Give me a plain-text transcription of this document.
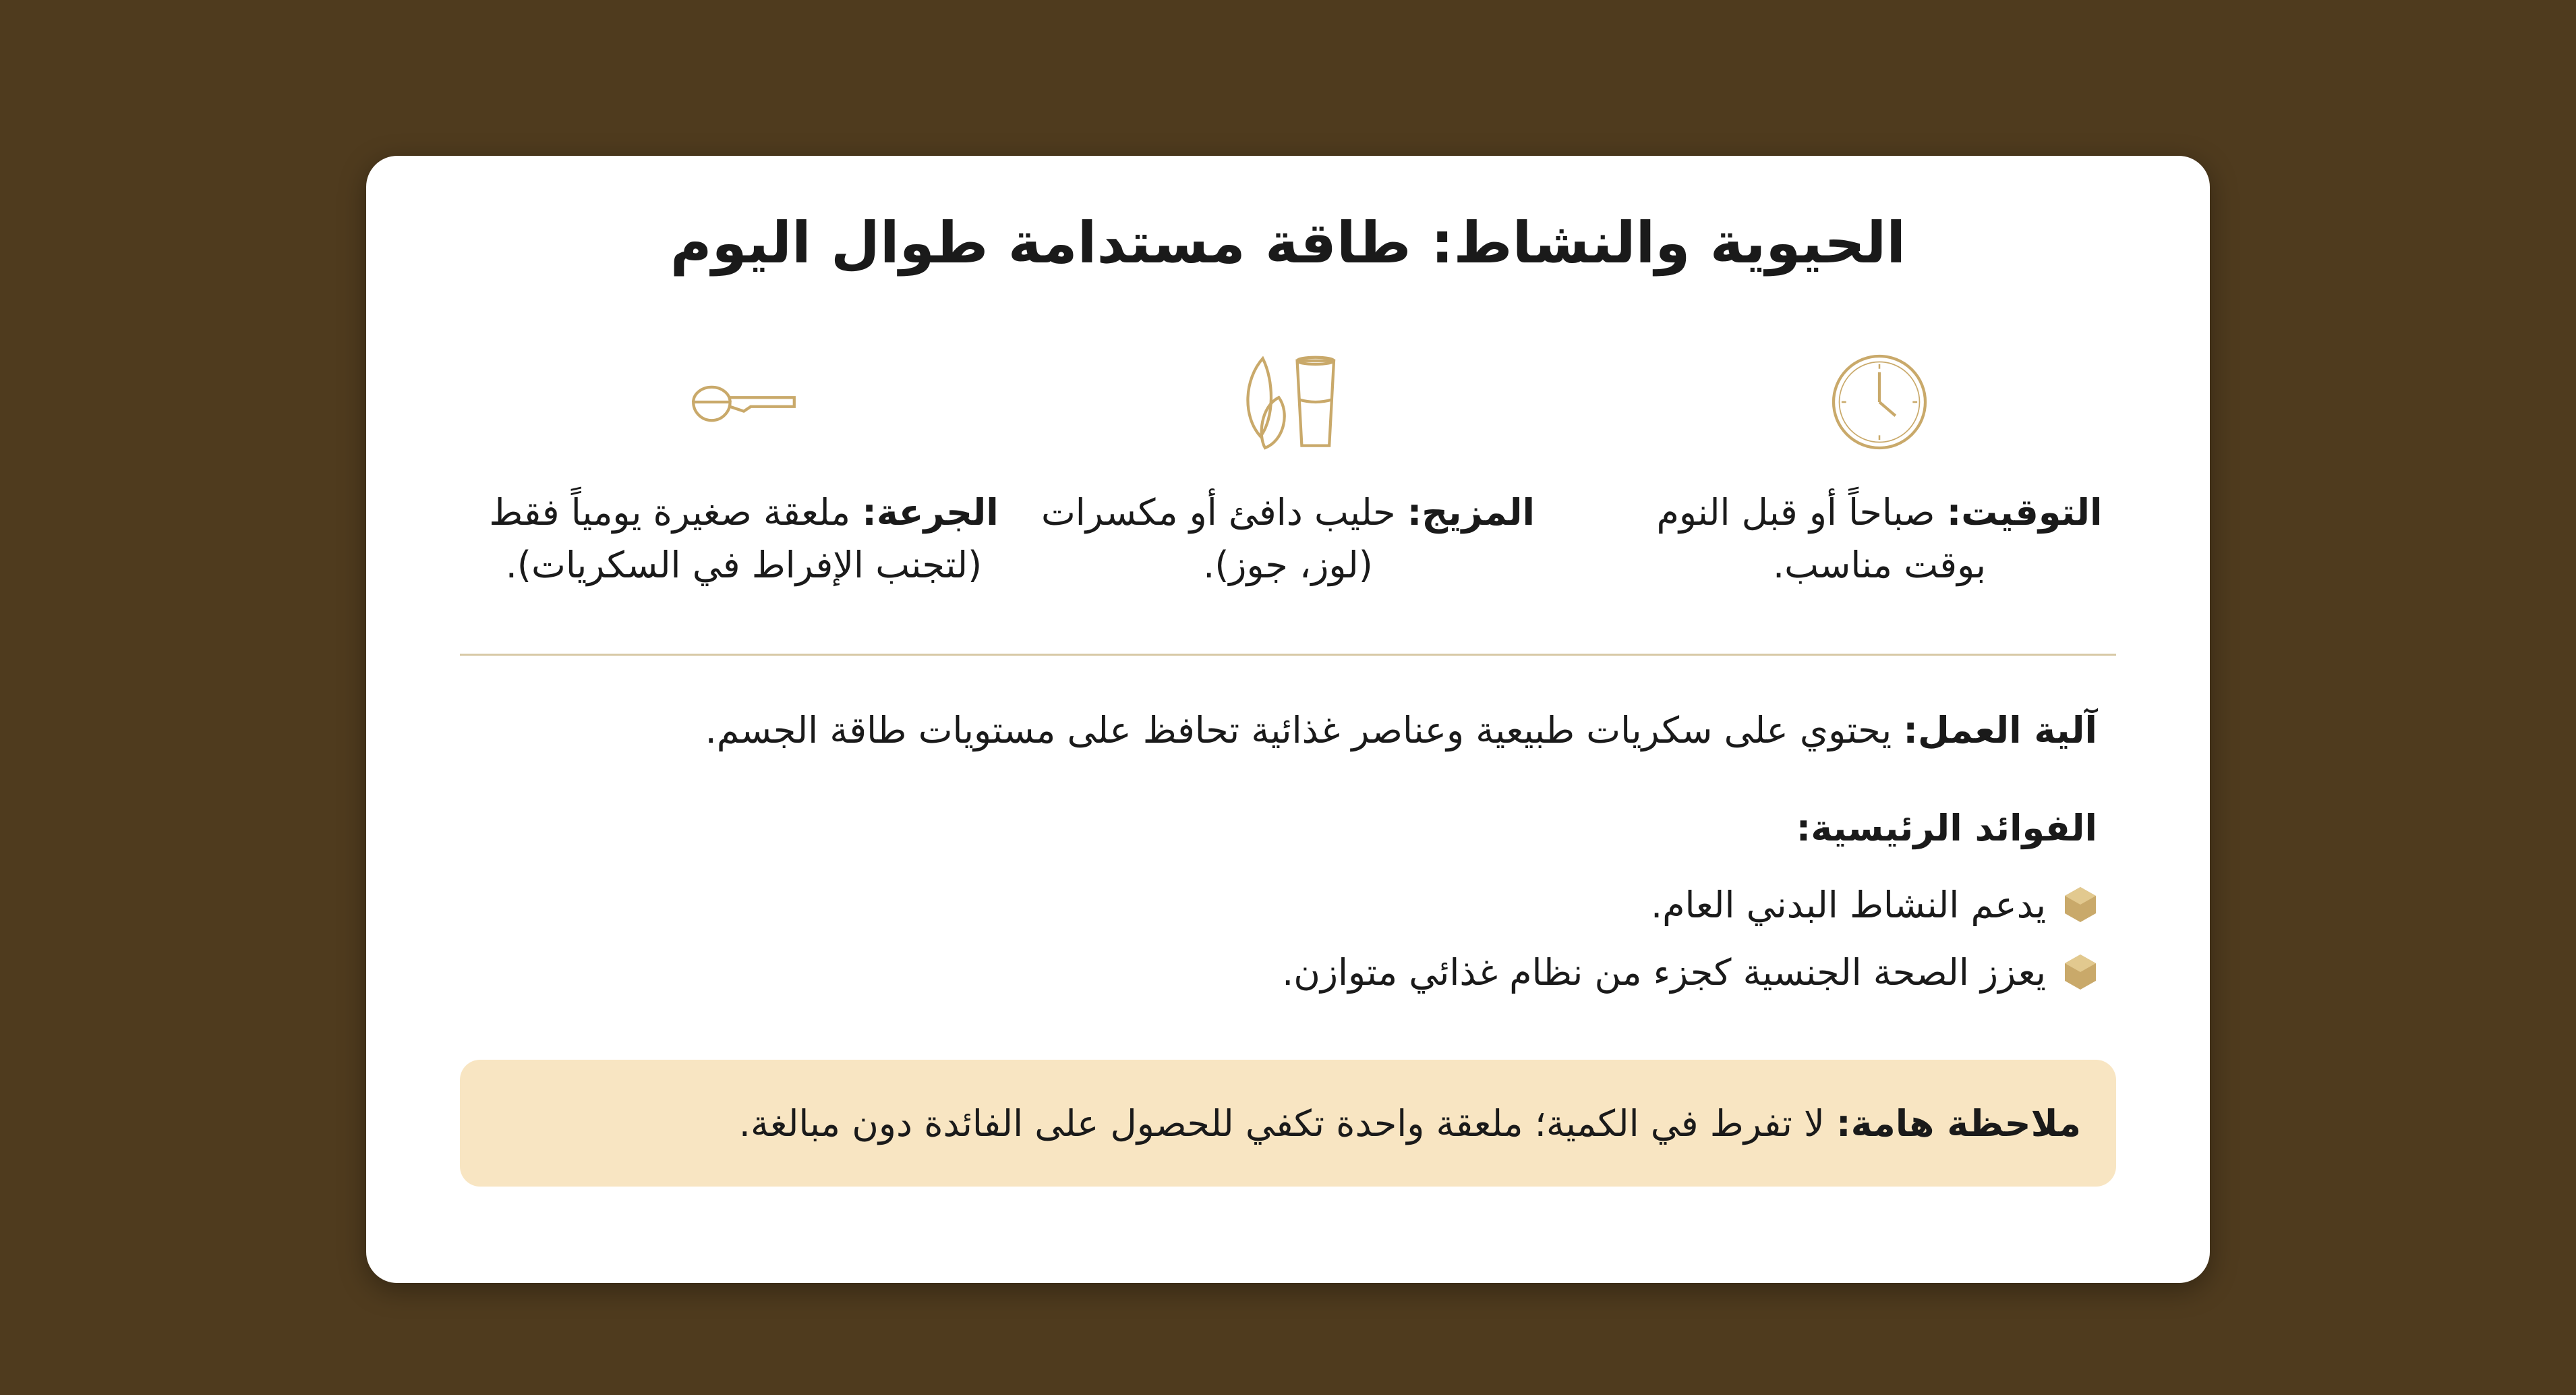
الحيوية والنشاط: طاقة مستدامة طوال اليوم
التوقيت: صباحاً أو قبل النوم بوقت مناسب.
المزيج: حليب دافئ أو مكسرات (لوز، جوز).
الجرعة: ملعقة صغيرة يومياً فقط (لتجنب الإفراط في السكريات).
آلية العمل: يحتوي على سكريات طبيعية وعناصر غذائية تحافظ على مستويات طاقة الجسم.
الفوائد الرئيسية:
يدعم النشاط البدني العام.
يعزز الصحة الجنسية كجزء من نظام غذائي متوازن.
ملاحظة هامة: لا تفرط في الكمية؛ ملعقة واحدة تكفي للحصول على الفائدة دون مبالغة.
